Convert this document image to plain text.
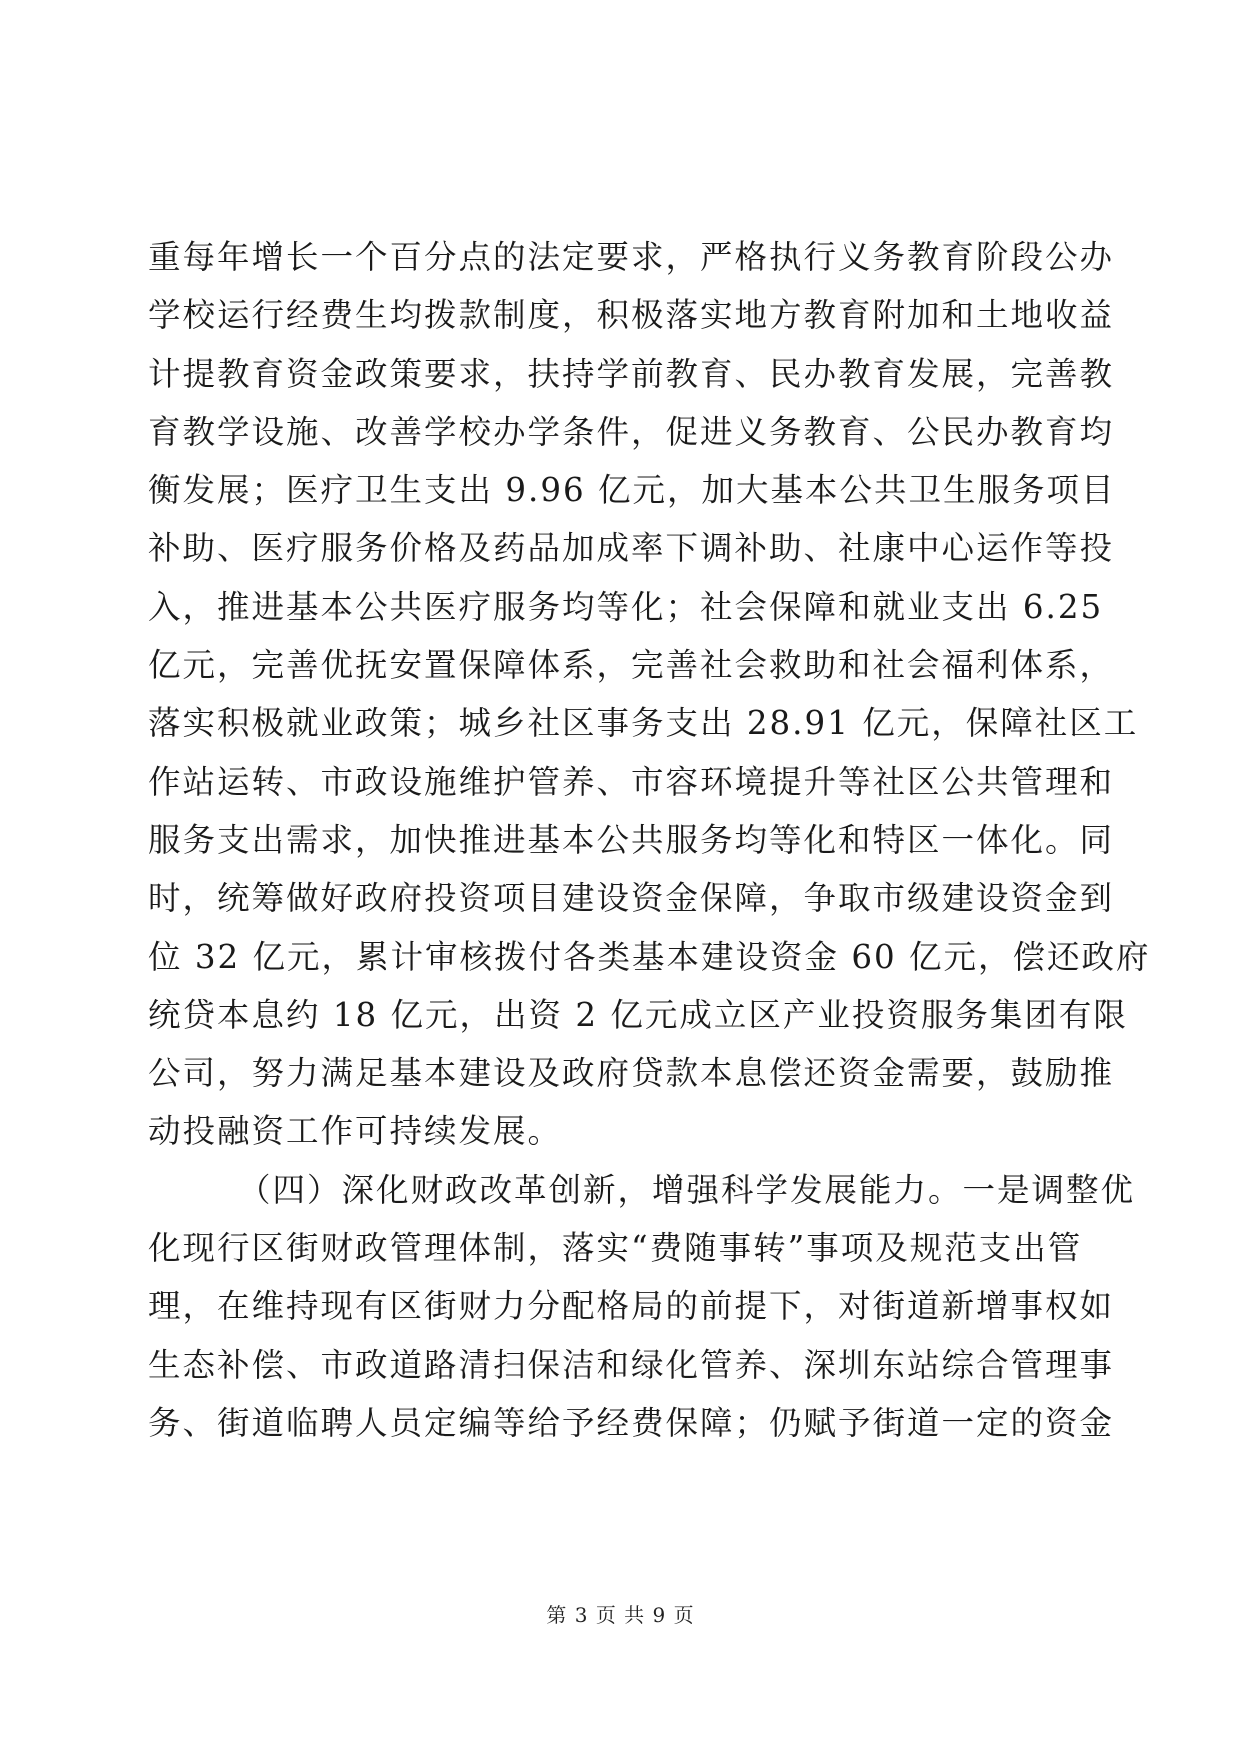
重每年增长一个百分点的法定要求，严格执行义务教育阶段公办
学校运行经费生均拨款制度，积极落实地方教育附加和土地收益
计提教育资金政策要求，扶持学前教育、民办教育发展，完善教
育教学设施、改善学校办学条件，促进义务教育、公民办教育均
衡发展；医疗卫生支出 9.96 亿元，加大基本公共卫生服务项目
补助、医疗服务价格及药品加成率下调补助、社康中心运作等投
入，推进基本公共医疗服务均等化；社会保障和就业支出 6.25
亿元，完善优抚安置保障体系，完善社会救助和社会福利体系，
落实积极就业政策；城乡社区事务支出 28.91 亿元，保障社区工
作站运转、市政设施维护管养、市容环境提升等社区公共管理和
服务支出需求，加快推进基本公共服务均等化和特区一体化。同
时，统筹做好政府投资项目建设资金保障，争取市级建设资金到
位 32 亿元，累计审核拨付各类基本建设资金 60 亿元，偿还政府
统贷本息约 18 亿元，出资 2 亿元成立区产业投资服务集团有限
公司，努力满足基本建设及政府贷款本息偿还资金需要，鼓励推
动投融资工作可持续发展。
（四）深化财政改革创新，增强科学发展能力。一是调整优
化现行区街财政管理体制，落实“费随事转”事项及规范支出管
理，在维持现有区街财力分配格局的前提下，对街道新增事权如
生态补偿、市政道路清扫保洁和绿化管养、深圳东站综合管理事
务、街道临聘人员定编等给予经费保障；仍赋予街道一定的资金
第 3 页 共 9 页
